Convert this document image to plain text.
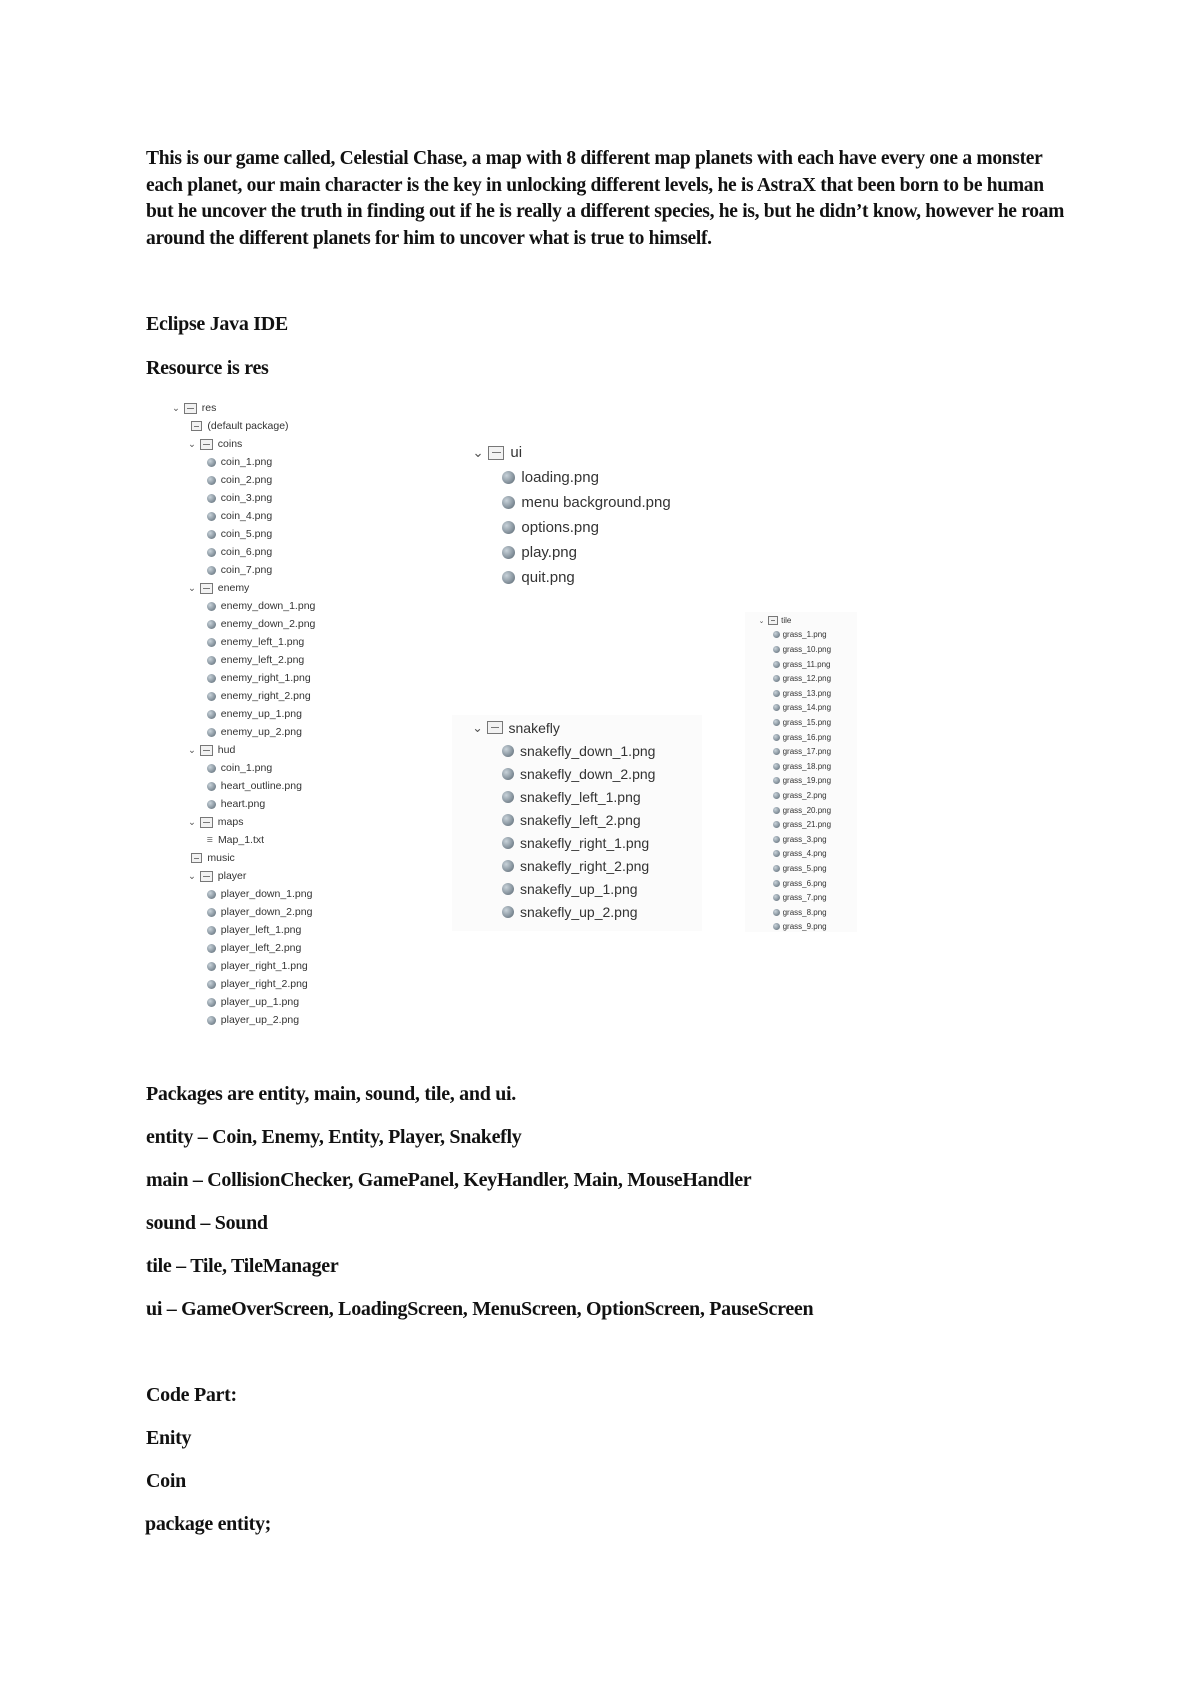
This is our game called, Celestial Chase, a map with 8 different map planets with each have every one a monster each planet, our main character is the key in unlocking different levels, he is AstraX that been born to be human but he uncover the truth in finding out if he is really a different species, he is, but he didn’t know, however he roam around the different planets for him to uncover what is true to himself.
Eclipse Java IDE
Resource is res
⌄ res
(default package)
⌄ coins
coin_1.png
coin_2.png
coin_3.png
coin_4.png
coin_5.png
coin_6.png
coin_7.png
⌄ enemy
enemy_down_1.png
enemy_down_2.png
enemy_left_1.png
enemy_left_2.png
enemy_right_1.png
enemy_right_2.png
enemy_up_1.png
enemy_up_2.png
⌄ hud
coin_1.png
heart_outline.png
heart.png
⌄ maps
≡ Map_1.txt
music
⌄ player
player_down_1.png
player_down_2.png
player_left_1.png
player_left_2.png
player_right_1.png
player_right_2.png
player_up_1.png
player_up_2.png
⌄ ui
loading.png
menu background.png
options.png
play.png
quit.png
⌄ snakefly
snakefly_down_1.png
snakefly_down_2.png
snakefly_left_1.png
snakefly_left_2.png
snakefly_right_1.png
snakefly_right_2.png
snakefly_up_1.png
snakefly_up_2.png
⌄ tile
grass_1.png
grass_10.png
grass_11.png
grass_12.png
grass_13.png
grass_14.png
grass_15.png
grass_16.png
grass_17.png
grass_18.png
grass_19.png
grass_2.png
grass_20.png
grass_21.png
grass_3.png
grass_4.png
grass_5.png
grass_6.png
grass_7.png
grass_8.png
grass_9.png
Packages are entity, main, sound, tile, and ui.
entity – Coin, Enemy, Entity, Player, Snakefly
main – CollisionChecker, GamePanel, KeyHandler, Main, MouseHandler
sound – Sound
tile – Tile, TileManager
ui – GameOverScreen, LoadingScreen, MenuScreen, OptionScreen, PauseScreen
Code Part:
Enity
Coin
package entity;
